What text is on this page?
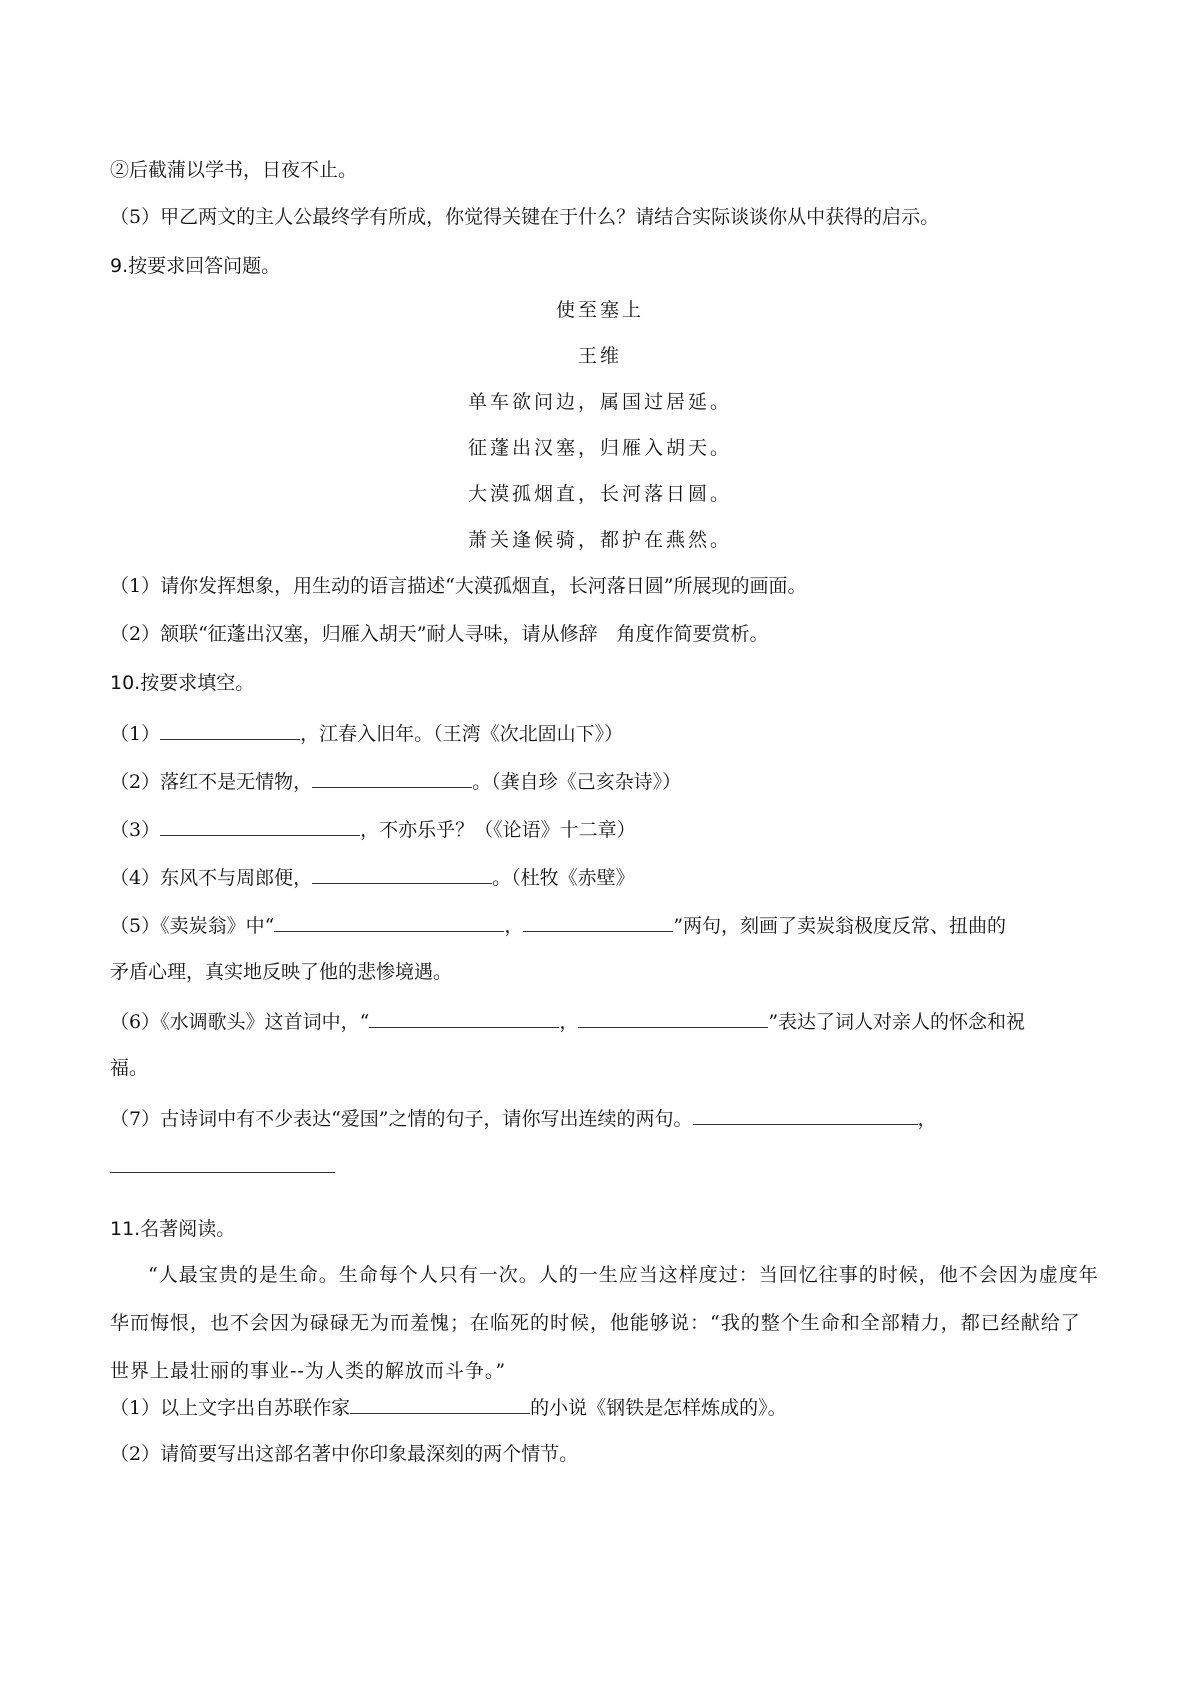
②后截蒲以学书，日夜不止。
（5）甲乙两文的主人公最终学有所成，你觉得关键在于什么？请结合实际谈谈你从中获得的启示。
9.按要求回答问题。
使至塞上
王维
单车欲问边，属国过居延。
征蓬出汉塞，归雁入胡天。
大漠孤烟直，长河落日圆。
萧关逢候骑，都护在燕然。
（1）请你发挥想象，用生动的语言描述“大漠孤烟直，长河落日圆”所展现的画面。
（2）颔联“征蓬出汉塞，归雁入胡天”耐人寻味，请从修辞　角度作简要赏析。
10.按要求填空。
（1）	，江春入旧年。（王湾《次北固山下》）
（2）落红不是无情物，	。（龚自珍《己亥杂诗》）
（3）	，不亦乐乎？（《论语》十二章）
（4）东风不与周郎便，	。（杜牧《赤壁》
（5）《卖炭翁》中“	，	”两句，刻画了卖炭翁极度反常、扭曲的
矛盾心理，真实地反映了他的悲惨境遇。
（6）《水调歌头》这首词中，“	，	”表达了词人对亲人的怀念和祝
福。
（7）古诗词中有不少表达“爱国”之情的句子，请你写出连续的两句。	，
11.名著阅读。
“人最宝贵的是生命。生命每个人只有一次。人的一生应当这样度过：当回忆往事的时候，他不会因为虚度年华而悔恨，也不会因为碌碌无为而羞愧；在临死的时候，他能够说：“我的整个生命和全部精力，都已经献给了世界上最壮丽的事业--为人类的解放而斗争。”
（1）以上文字出自苏联作家	的小说《钢铁是怎样炼成的》。
（2）请简要写出这部名著中你印象最深刻的两个情节。
